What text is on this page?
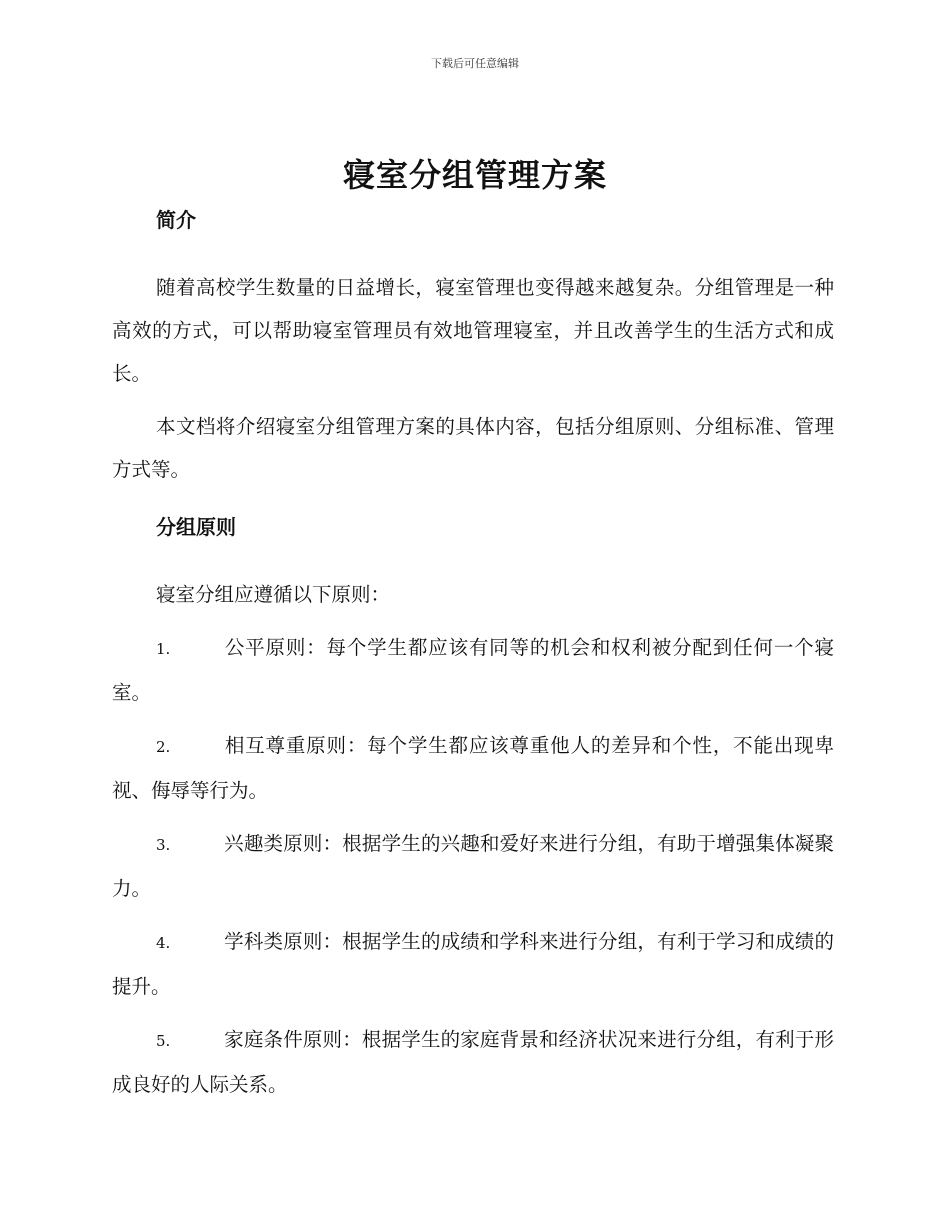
下载后可任意编辑
寝室分组管理方案
简介

随着高校学生数量的日益增长，寝室管理也变得越来越复杂。分组管理是一种高效的方式，可以帮助寝室管理员有效地管理寝室，并且改善学生的生活方式和成长。

本文档将介绍寝室分组管理方案的具体内容，包括分组原则、分组标准、管理方式等。

分组原则

寝室分组应遵循以下原则：

1.	公平原则：每个学生都应该有同等的机会和权利被分配到任何一个寝室。

2.	相互尊重原则：每个学生都应该尊重他人的差异和个性，不能出现卑视、侮辱等行为。

3.	兴趣类原则：根据学生的兴趣和爱好来进行分组，有助于增强集体凝聚力。

4.	学科类原则：根据学生的成绩和学科来进行分组，有利于学习和成绩的提升。

5.	家庭条件原则：根据学生的家庭背景和经济状况来进行分组，有利于形成良好的人际关系。
